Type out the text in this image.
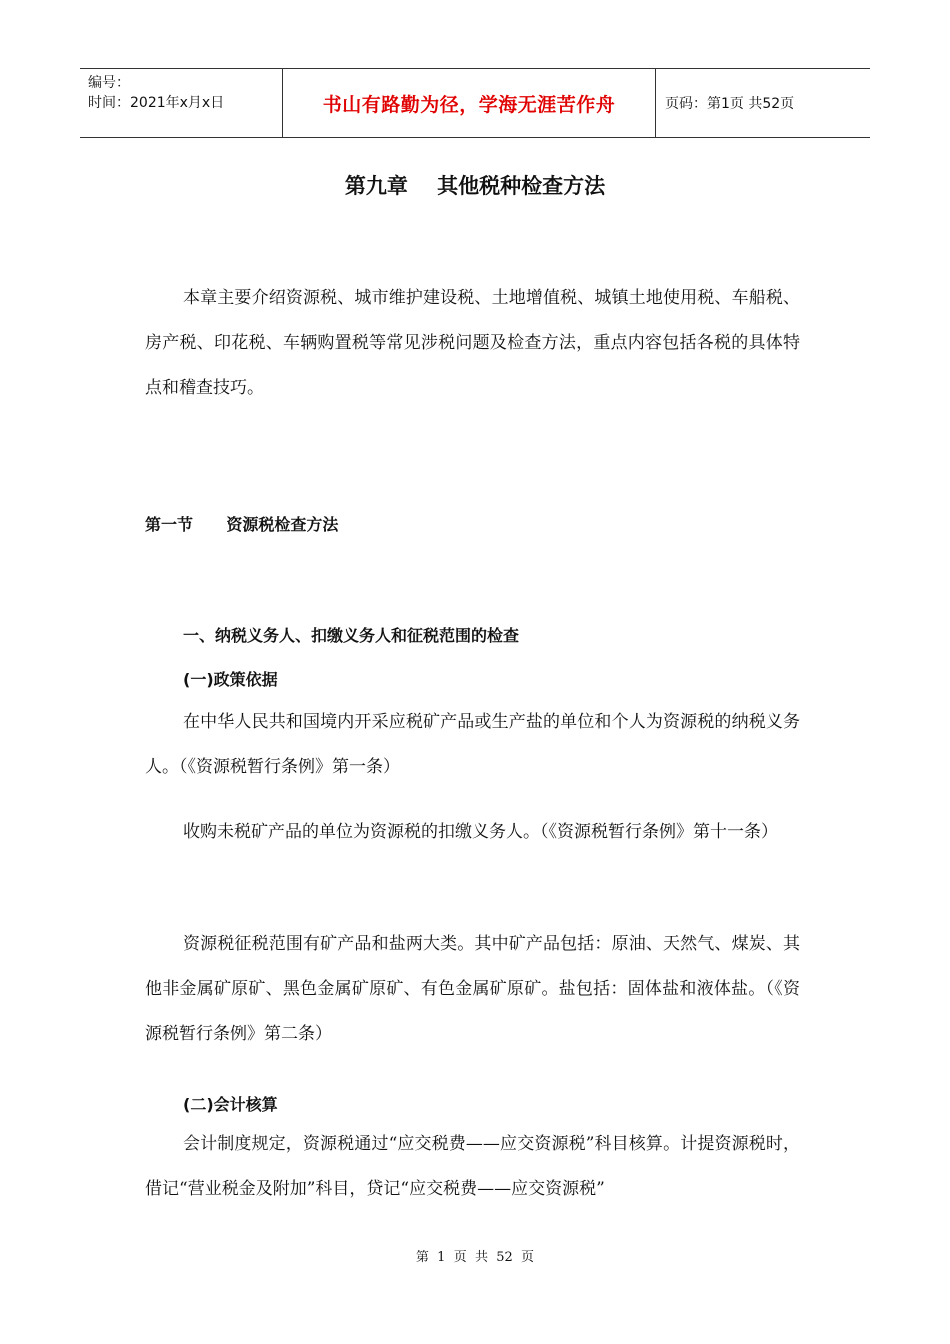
编号：
时间：2021年x月x日	书山有路勤为径，学海无涯苦作舟	页码：第1页 共52页
第九章    其他税种检查方法
本章主要介绍资源税、城市维护建设税、土地增值税、城镇土地使用税、车船税、房产税、印花税、车辆购置税等常见涉税问题及检查方法，重点内容包括各税的具体特点和稽查技巧。
第一节      资源税检查方法
一、纳税义务人、扣缴义务人和征税范围的检查
(一)政策依据
在中华人民共和国境内开采应税矿产品或生产盐的单位和个人为资源税的纳税义务人。（《资源税暂行条例》第一条）
收购未税矿产品的单位为资源税的扣缴义务人。（《资源税暂行条例》第十一条）
资源税征税范围有矿产品和盐两大类。其中矿产品包括：原油、天然气、煤炭、其他非金属矿原矿、黑色金属矿原矿、有色金属矿原矿。盐包括：固体盐和液体盐。（《资源税暂行条例》第二条）
(二)会计核算
会计制度规定，资源税通过“应交税费——应交资源税”科目核算。计提资源税时，借记“营业税金及附加”科目，贷记“应交税费——应交资源税”
第  1  页  共  52  页
